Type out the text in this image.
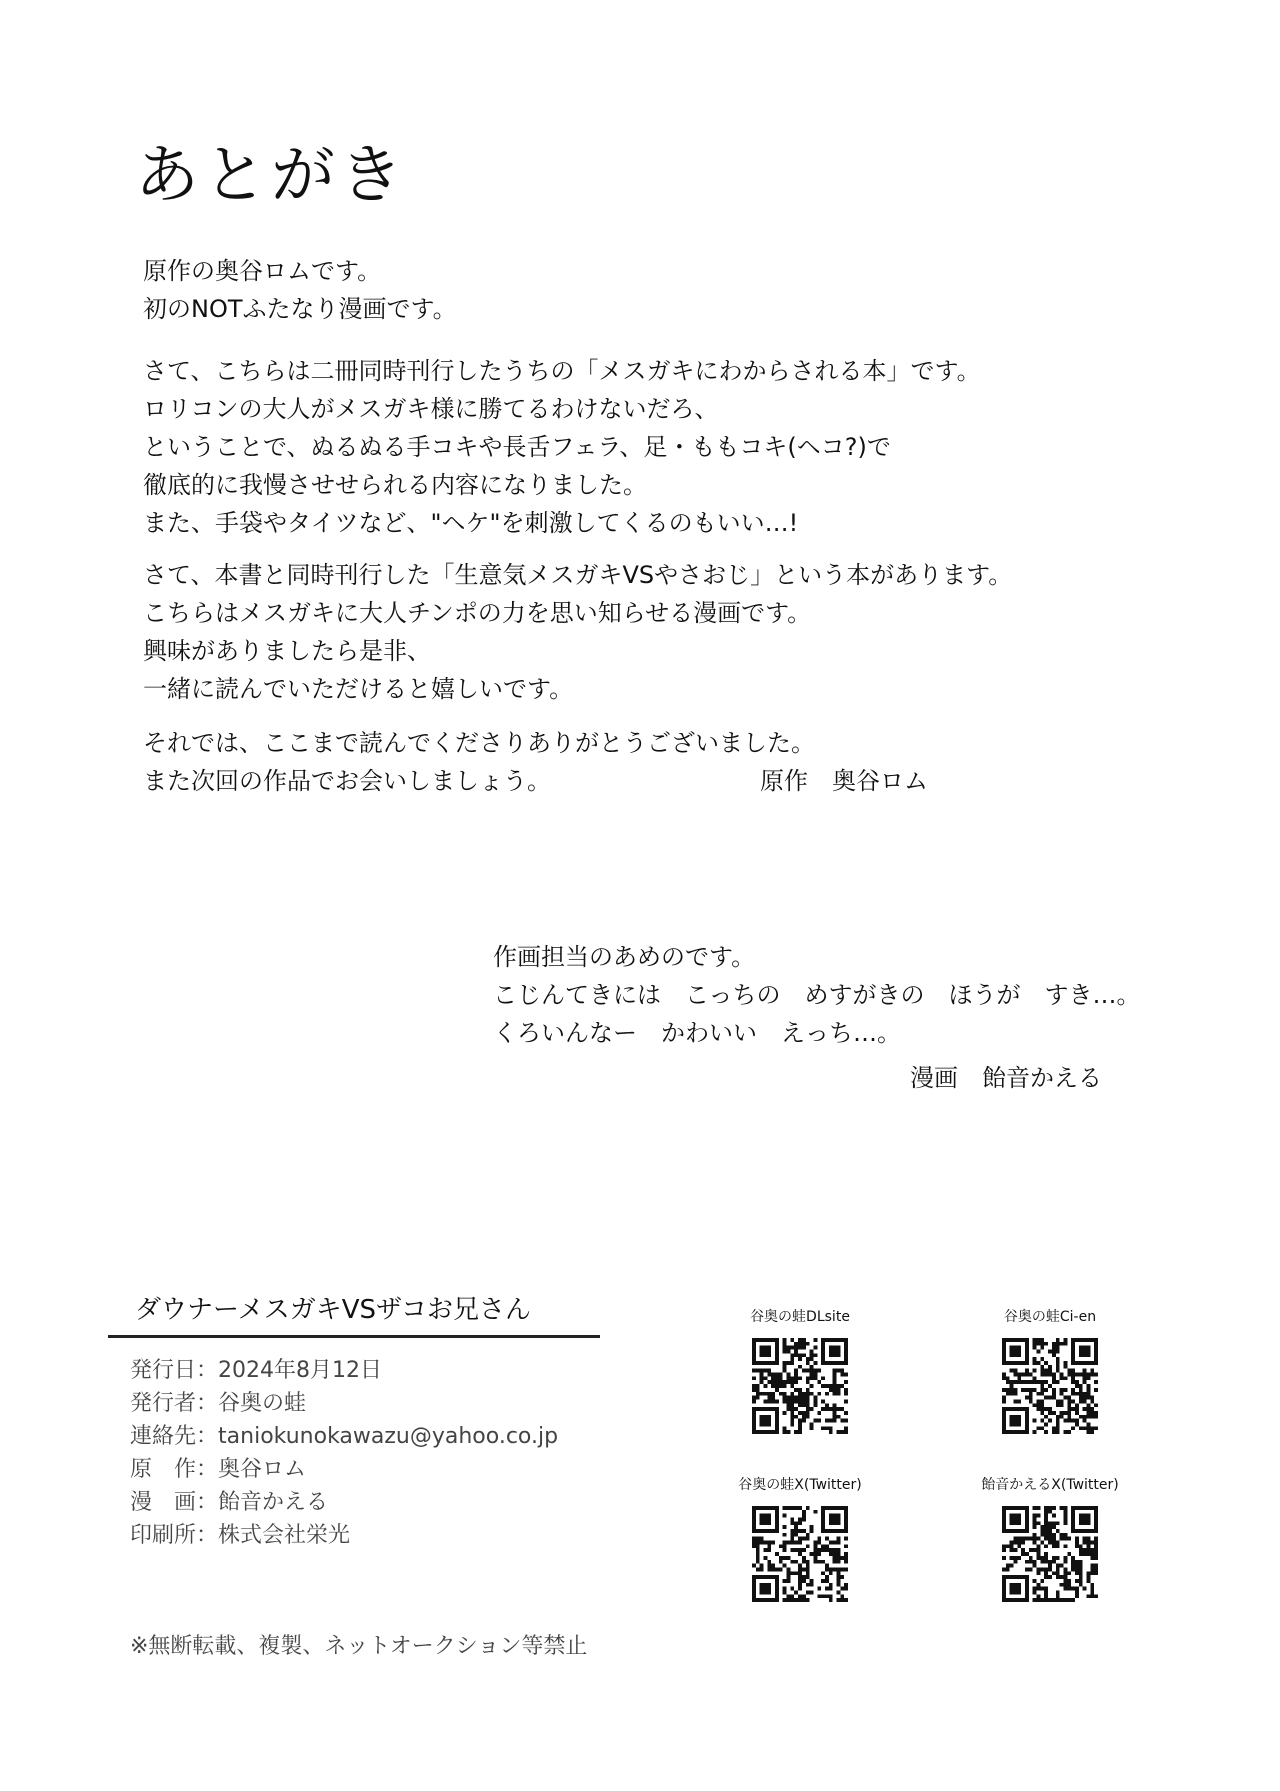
あとがき
原作の奥谷ロムです。
初のNOTふたなり漫画です。
さて、こちらは二冊同時刊行したうちの「メスガキにわからされる本」です。
ロリコンの大人がメスガキ様に勝てるわけないだろ、
ということで、ぬるぬる手コキや長舌フェラ、足・ももコキ(ヘコ?)で
徹底的に我慢させせられる内容になりました。
また、手袋やタイツなど、"ヘケ"を刺激してくるのもいい…!
さて、本書と同時刊行した「生意気メスガキVSやさおじ」という本があります。
こちらはメスガキに大人チンポの力を思い知らせる漫画です。
興味がありましたら是非、
一緒に読んでいただけると嬉しいです。
それでは、ここまで読んでくださりありがとうございました。
また次回の作品でお会いしましょう。	原作　奥谷ロム
作画担当のあめのです。
こじんてきには　こっちの　めすがきの　ほうが　すき…。
くろいんなー　かわいい　えっち…。
漫画　飴音かえる
ダウナーメスガキVSザコお兄さん
発行日：2024年8月12日
発行者：谷奥の蛙
連絡先：taniokunokawazu@yahoo.co.jp
原　作：奥谷ロム
漫　画：飴音かえる
印刷所：株式会社栄光
※無断転載、複製、ネットオークション等禁止
谷奥の蛙DLsite	谷奥の蛙Ci-en
谷奥の蛙X(Twitter)	飴音かえるX(Twitter)
